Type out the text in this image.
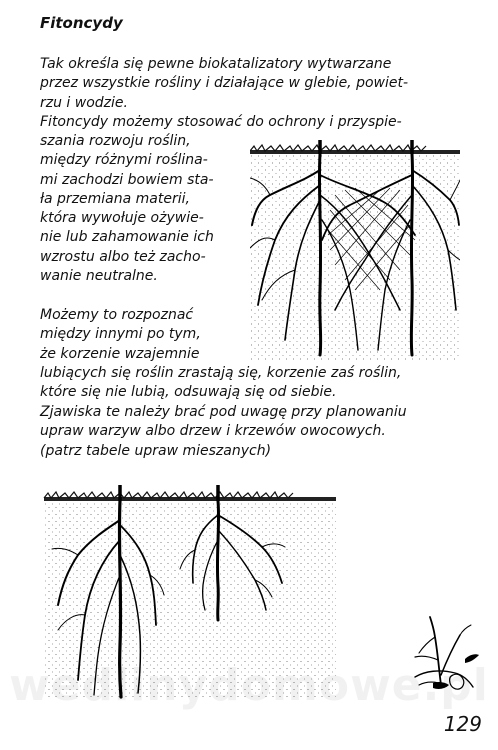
Fitoncydy

Tak określa się pewne biokatalizatory wytwarzane
przez wszystkie rośliny i działające w glebie, powiet-
rzu i wodzie.

Fitoncydy możemy stosować do ochrony i przyspie-

szania rozwoju roślin,
między różnymi roślina-
mi zachodzi bowiem sta-
ła przemiana materii,
która wywołuje ożywie-
nie lub zahamowanie ich
wzrostu albo też zacho-
wanie neutralne.

Możemy to rozpoznać
między innymi po tym,
że korzenie wzajemnie

lubiących się roślin zrastają się, korzenie zaś roślin,
które się nie lubią, odsuwają się od siebie.

Zjawiska te należy brać pod uwagę przy planowaniu
upraw warzyw albo drzew i krzewów owocowych.
(patrz tabele upraw mieszanych)

wedlinydomowe.pl
129
